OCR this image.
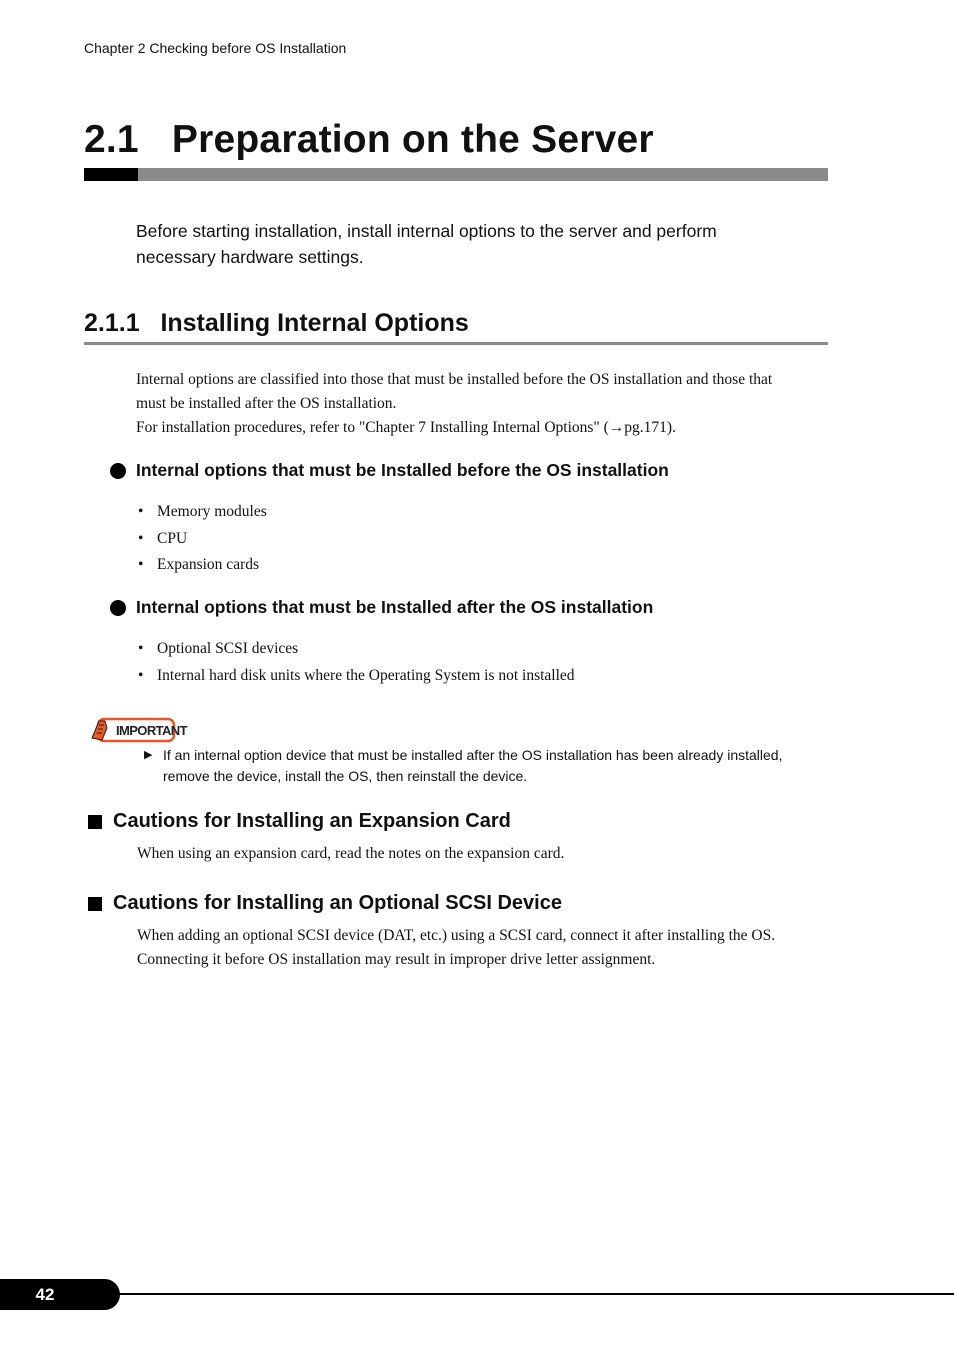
Chapter 2 Checking before OS Installation
2.1   Preparation on the Server
Before starting installation, install internal options to the server and perform
necessary hardware settings.
2.1.1   Installing Internal Options
Internal options are classified into those that must be installed before the OS installation and those that
must be installed after the OS installation.
For installation procedures, refer to "Chapter 7 Installing Internal Options" (→pg.171).
Internal options that must be Installed before the OS installation
• Memory modules
• CPU
• Expansion cards
Internal options that must be Installed after the OS installation
• Optional SCSI devices
• Internal hard disk units where the Operating System is not installed
IMPORTANT
▶ If an internal option device that must be installed after the OS installation has been already installed,
remove the device, install the OS, then reinstall the device.
Cautions for Installing an Expansion Card
When using an expansion card, read the notes on the expansion card.
Cautions for Installing an Optional SCSI Device
When adding an optional SCSI device (DAT, etc.) using a SCSI card, connect it after installing the OS.
Connecting it before OS installation may result in improper drive letter assignment.
42
